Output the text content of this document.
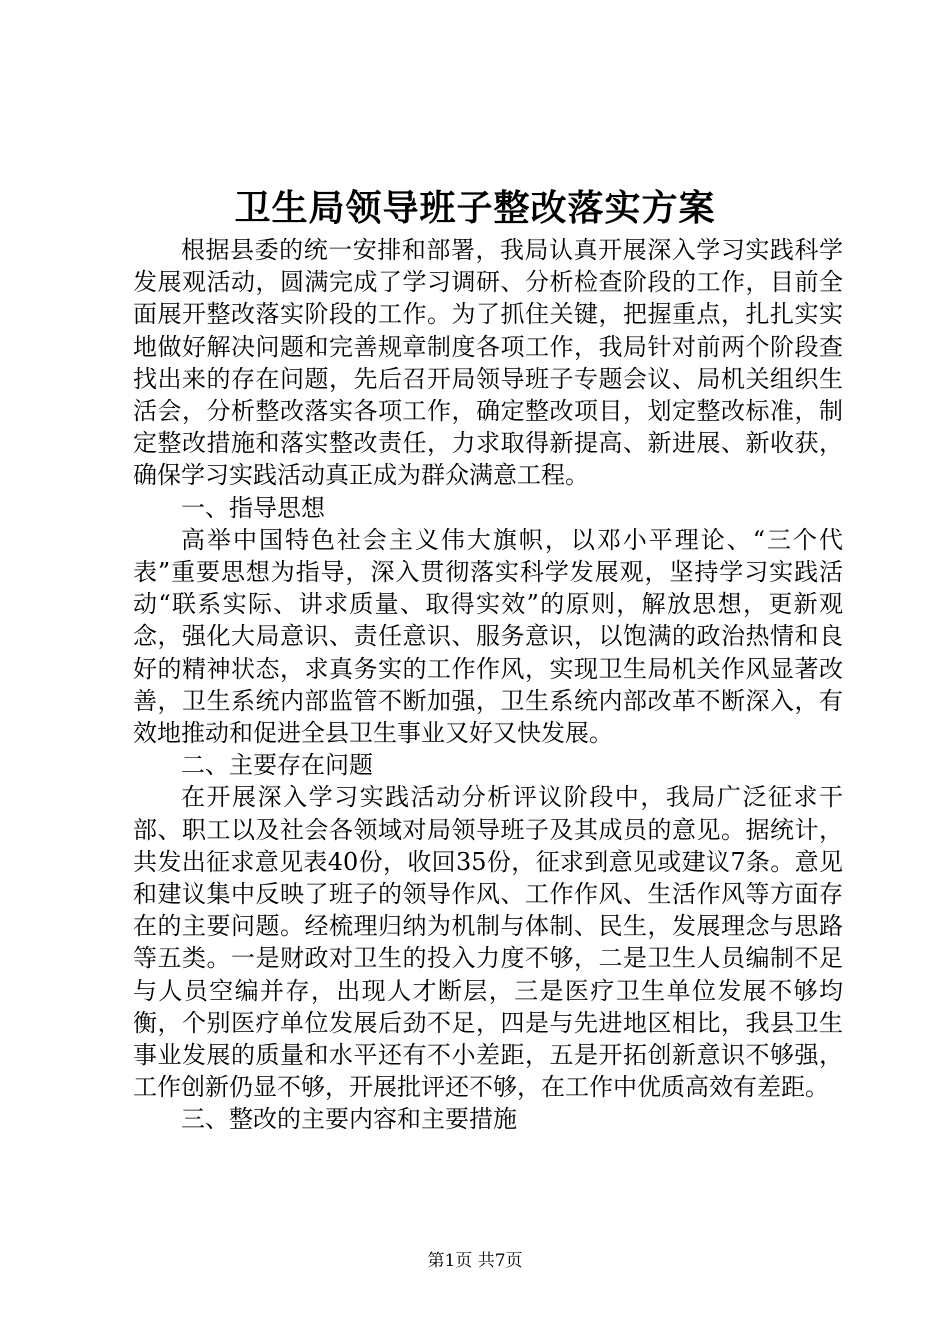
卫生局领导班子整改落实方案

根据县委的统一安排和部署，我局认真开展深入学习实践科学发展观活动，圆满完成了学习调研、分析检查阶段的工作，目前全面展开整改落实阶段的工作。为了抓住关键，把握重点，扎扎实实地做好解决问题和完善规章制度各项工作，我局针对前两个阶段查找出来的存在问题，先后召开局领导班子专题会议、局机关组织生活会，分析整改落实各项工作，确定整改项目，划定整改标准，制定整改措施和落实整改责任，力求取得新提高、新进展、新收获，确保学习实践活动真正成为群众满意工程。

一、指导思想

高举中国特色社会主义伟大旗帜，以邓小平理论、“三个代表”重要思想为指导，深入贯彻落实科学发展观，坚持学习实践活动“联系实际、讲求质量、取得实效”的原则，解放思想，更新观念，强化大局意识、责任意识、服务意识，以饱满的政治热情和良好的精神状态，求真务实的工作作风，实现卫生局机关作风显著改善，卫生系统内部监管不断加强，卫生系统内部改革不断深入，有效地推动和促进全县卫生事业又好又快发展。

二、主要存在问题

在开展深入学习实践活动分析评议阶段中，我局广泛征求干部、职工以及社会各领域对局领导班子及其成员的意见。据统计，共发出征求意见表40份，收回35份，征求到意见或建议7条。意见和建议集中反映了班子的领导作风、工作作风、生活作风等方面存在的主要问题。经梳理归纳为机制与体制、民生，发展理念与思路等五类。一是财政对卫生的投入力度不够，二是卫生人员编制不足与人员空编并存，出现人才断层，三是医疗卫生单位发展不够均衡，个别医疗单位发展后劲不足，四是与先进地区相比，我县卫生事业发展的质量和水平还有不小差距，五是开拓创新意识不够强，工作创新仍显不够，开展批评还不够，在工作中优质高效有差距。

三、整改的主要内容和主要措施

第1页 共7页
